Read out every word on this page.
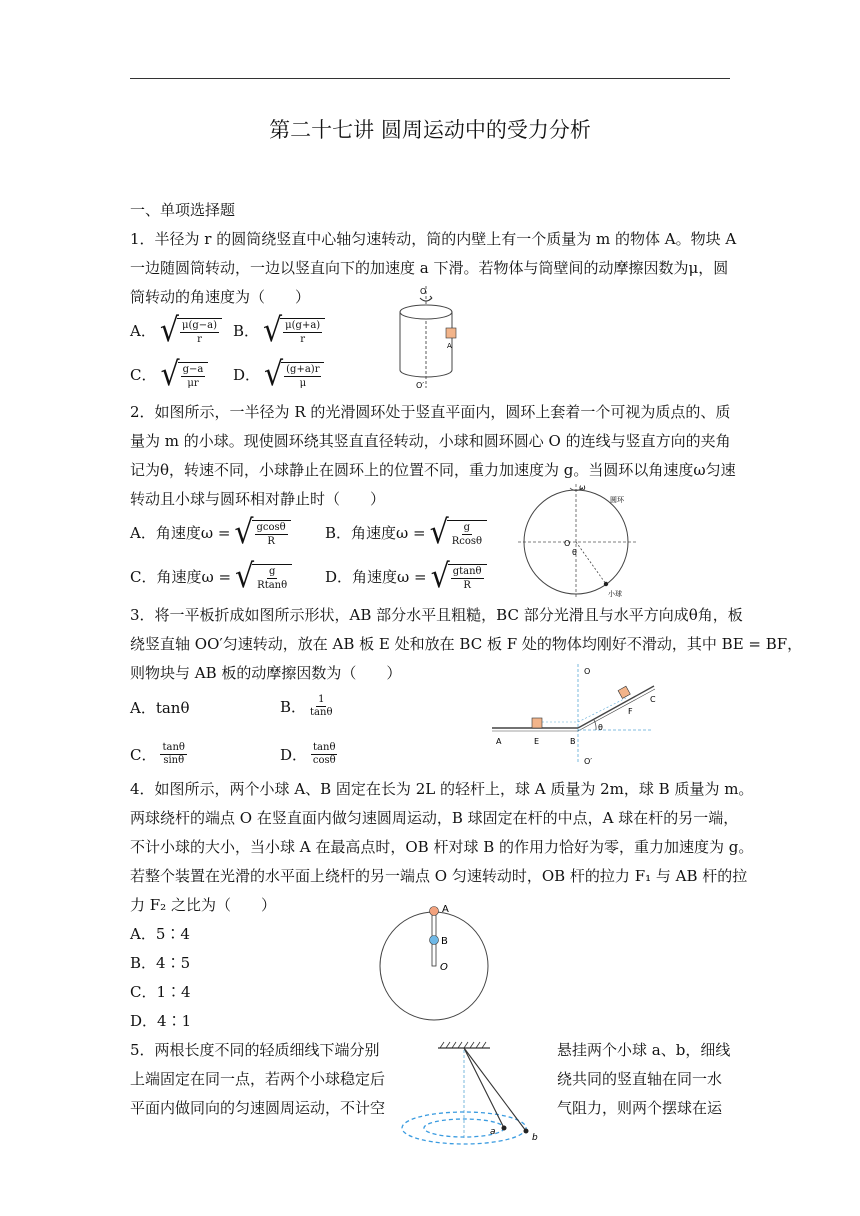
第二十七讲 圆周运动中的受力分析
一、单项选择题
1．半径为 r 的圆筒绕竖直中心轴匀速转动，筒的内壁上有一个质量为 m 的物体 A。物块 A
一边随圆筒转动，一边以竖直向下的加速度 a 下滑。若物体与筒壁间的动摩擦因数为μ，圆
筒转动的角速度为（　　）
A． √
$\frac{\mu(g-a)}{r}$ B． √
$\frac{\mu(g+a)}{r}$
C． √
$\frac{g-a}{\mu r}$ D． √
$\frac{(g+a)r}{\mu}$
O
A
O′
2．如图所示，一半径为 R 的光滑圆环处于竖直平面内，圆环上套着一个可视为质点的、质
量为 m 的小球。现使圆环绕其竖直直径转动，小球和圆环圆心 O 的连线与竖直方向的夹角
记为θ，转速不同，小球静止在圆环上的位置不同，重力加速度为 g。当圆环以角速度ω匀速
转动且小球与圆环相对静止时（　　）
A．角速度ω = √
$\frac{gcos\theta}{R}$ B．角速度ω = √
$\frac{g}{Rcos\theta}$
C．角速度ω = √
$\frac{g}{Rtan\theta}$ D．角速度ω = √
$\frac{gtan\theta}{R}$
ω
圆环
O
θ
小球
3．将一平板折成如图所示形状，AB 部分水平且粗糙，BC 部分光滑且与水平方向成θ角，板
绕竖直轴 OO′匀速转动，放在 AB 板 E 处和放在 BC 板 F 处的物体均刚好不滑动，其中 BE = BF，
则物块与 AB 板的动摩擦因数为（　　）
A．tanθ	B． $\frac{1}{\tan\theta}$
C． $\frac{\tan\theta}{\sin\theta}$	D． $\frac{\tan\theta}{\cos\theta}$
O
C
F
A	E	B
θ
O′
4．如图所示，两个小球 A、B 固定在长为 2L 的轻杆上，球 A 质量为 2m，球 B 质量为 m。
两球绕杆的端点 O 在竖直面内做匀速圆周运动，B 球固定在杆的中点，A 球在杆的另一端，
不计小球的大小，当小球 A 在最高点时，OB 杆对球 B 的作用力恰好为零，重力加速度为 g。
若整个装置在光滑的水平面上绕杆的另一端点 O 匀速转动时，OB 杆的拉力 F₁ 与 AB 杆的拉
力 F₂ 之比为（　　）
A．5∶4
B．4∶5
C．1∶4
D．4∶1
A
B
O
5．两根长度不同的轻质细线下端分别
上端固定在同一点，若两个小球稳定后
平面内做同向的匀速圆周运动，不计空
悬挂两个小球 a、b，细线
绕共同的竖直轴在同一水
气阻力，则两个摆球在运
a
b
